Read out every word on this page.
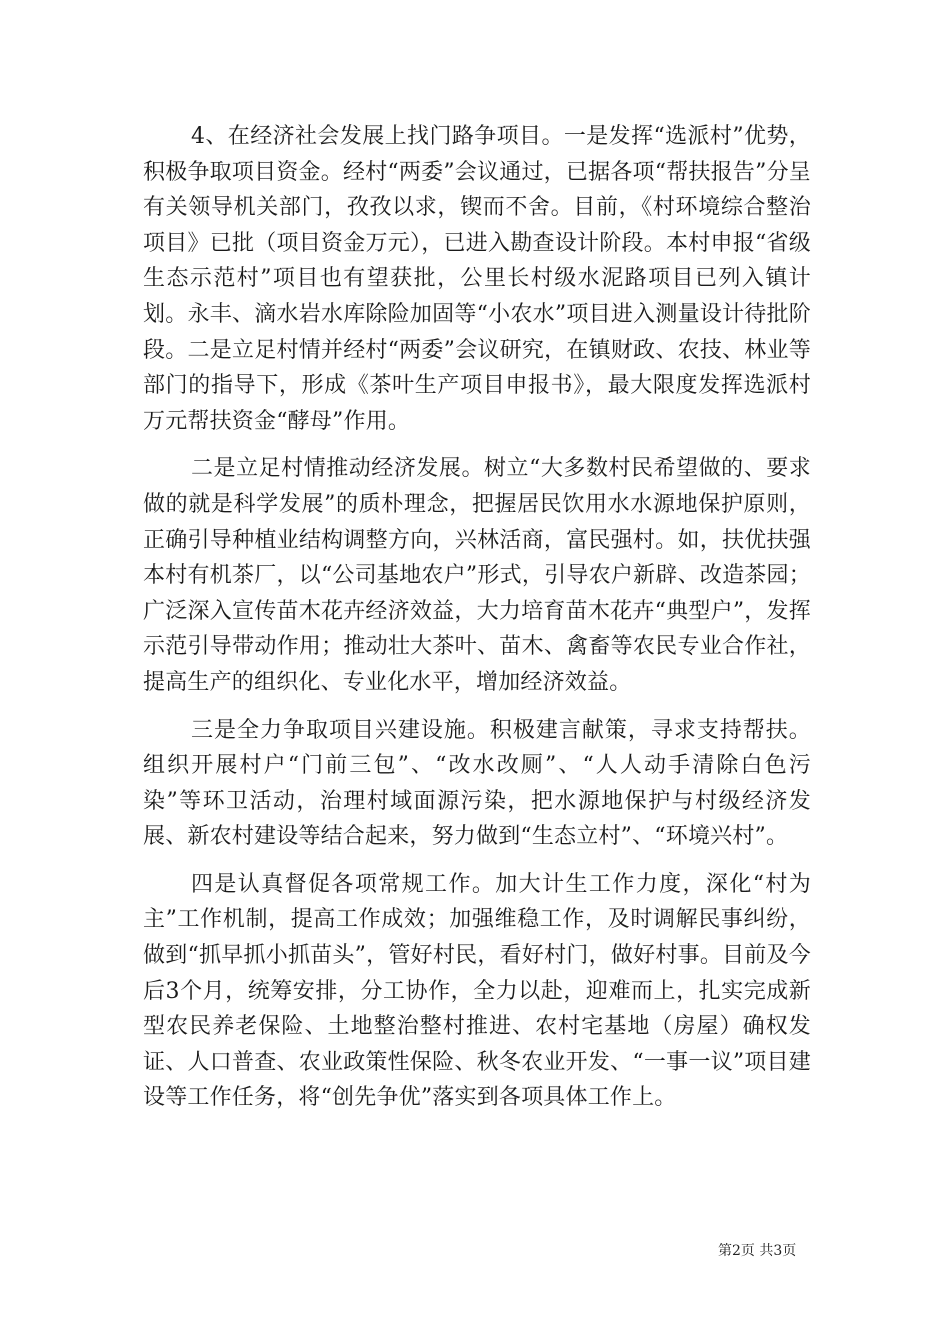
4、在经济社会发展上找门路争项目。一是发挥“选派村”优势，积极争取项目资金。经村“两委”会议通过，已据各项“帮扶报告”分呈有关领导机关部门，孜孜以求，锲而不舍。目前，《村环境综合整治项目》已批（项目资金万元），已进入勘查设计阶段。本村申报“省级生态示范村”项目也有望获批，公里长村级水泥路项目已列入镇计划。永丰、滴水岩水库除险加固等“小农水”项目进入测量设计待批阶段。二是立足村情并经村“两委”会议研究，在镇财政、农技、林业等部门的指导下，形成《茶叶生产项目申报书》，最大限度发挥选派村万元帮扶资金“酵母”作用。

二是立足村情推动经济发展。树立“大多数村民希望做的、要求做的就是科学发展”的质朴理念，把握居民饮用水水源地保护原则，正确引导种植业结构调整方向，兴林活商，富民强村。如，扶优扶强本村有机茶厂，以“公司基地农户”形式，引导农户新辟、改造茶园；广泛深入宣传苗木花卉经济效益，大力培育苗木花卉“典型户”，发挥示范引导带动作用；推动壮大茶叶、苗木、禽畜等农民专业合作社，提高生产的组织化、专业化水平，增加经济效益。

三是全力争取项目兴建设施。积极建言献策，寻求支持帮扶。组织开展村户“门前三包”、“改水改厕”、“人人动手清除白色污染”等环卫活动，治理村域面源污染，把水源地保护与村级经济发展、新农村建设等结合起来，努力做到“生态立村”、“环境兴村”。

四是认真督促各项常规工作。加大计生工作力度，深化“村为主”工作机制，提高工作成效；加强维稳工作，及时调解民事纠纷，做到“抓早抓小抓苗头”，管好村民，看好村门，做好村事。目前及今后3个月，统筹安排，分工协作，全力以赴，迎难而上，扎实完成新型农民养老保险、土地整治整村推进、农村宅基地（房屋）确权发证、人口普查、农业政策性保险、秋冬农业开发、“一事一议”项目建设等工作任务，将“创先争优”落实到各项具体工作上。

第2页 共3页
